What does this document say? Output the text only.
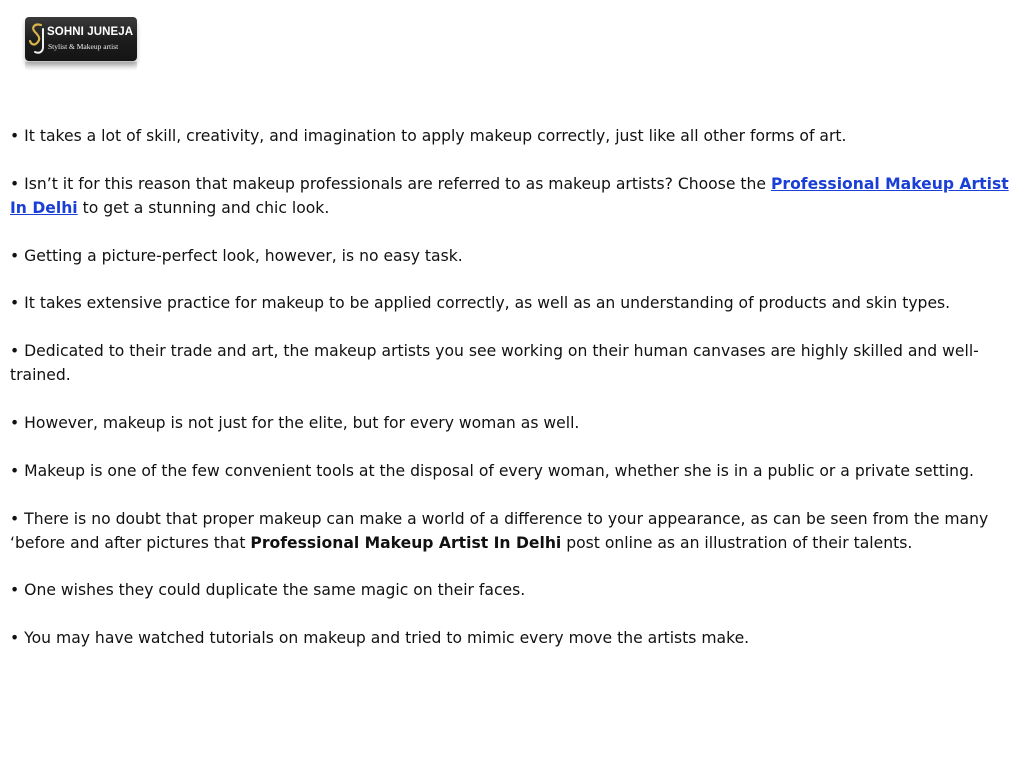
SOHNI JUNEJA
Stylist & Makeup artist

• It takes a lot of skill, creativity, and imagination to apply makeup correctly, just like all other forms of art.

• Isn’t it for this reason that makeup professionals are referred to as makeup artists? Choose the Professional Makeup Artist In Delhi to get a stunning and chic look.

• Getting a picture-perfect look, however, is no easy task.

• It takes extensive practice for makeup to be applied correctly, as well as an understanding of products and skin types.

• Dedicated to their trade and art, the makeup artists you see working on their human canvases are highly skilled and well-trained.

• However, makeup is not just for the elite, but for every woman as well.

• Makeup is one of the few convenient tools at the disposal of every woman, whether she is in a public or a private setting.

• There is no doubt that proper makeup can make a world of a difference to your appearance, as can be seen from the many ‘before and after pictures that Professional Makeup Artist In Delhi post online as an illustration of their talents.

• One wishes they could duplicate the same magic on their faces.

• You may have watched tutorials on makeup and tried to mimic every move the artists make.
